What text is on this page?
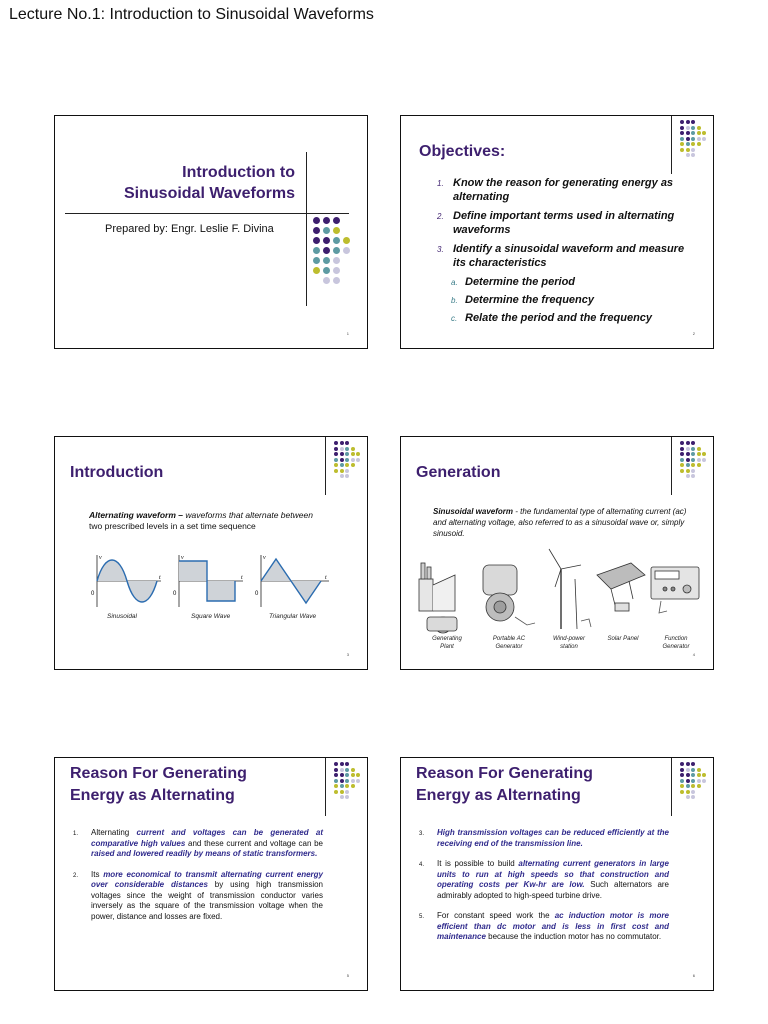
Lecture No.1: Introduction to Sinusoidal Waveforms
Introduction to
Sinusoidal Waveforms
Prepared by: Engr. Leslie F. Divina
1
Objectives:
1. Know the reason for generating energy as alternating
2. Define important terms used in alternating waveforms
3. Identify a sinusoidal waveform and measure its characteristics
a. Determine the period
b. Determine the frequency
c. Relate the period and the frequency
2
Introduction
Alternating waveform – waveforms that alternate between
two prescribed levels in a set time sequence
v
t
0
v
t
0
v
t
0
Sinusoidal	Square Wave	Triangular Wave
3
Generation
Sinusoidal waveform - the fundamental type of alternating current (ac) and alternating voltage, also referred to as a sinusoidal wave or, simply sinusoid.
Generating
Plant
Portable AC
Generator
Wind-power
station
Solar Panel	Function
Generator
4
Reason For Generating
Energy as Alternating
1. Alternating current and voltages can be generated at comparative high values and these current and voltage can be raised and lowered readily by means of static transformers.
2. Its more economical to transmit alternating current energy over considerable distances by using high transmission voltages since the weight of transmission conductor varies inversely as the square of the transmission voltage when the power, distance and losses are fixed.
5
Reason For Generating
Energy as Alternating
3. High transmission voltages can be reduced efficiently at the receiving end of the transmission line.
4. It is possible to build alternating current generators in large units to run at high speeds so that construction and operating costs per Kw-hr are low. Such alternators are admirably adopted to high-speed turbine drive.
5. For constant speed work the ac induction motor is more efficient than dc motor and is less in first cost and maintenance because the induction motor has no commutator.
6
